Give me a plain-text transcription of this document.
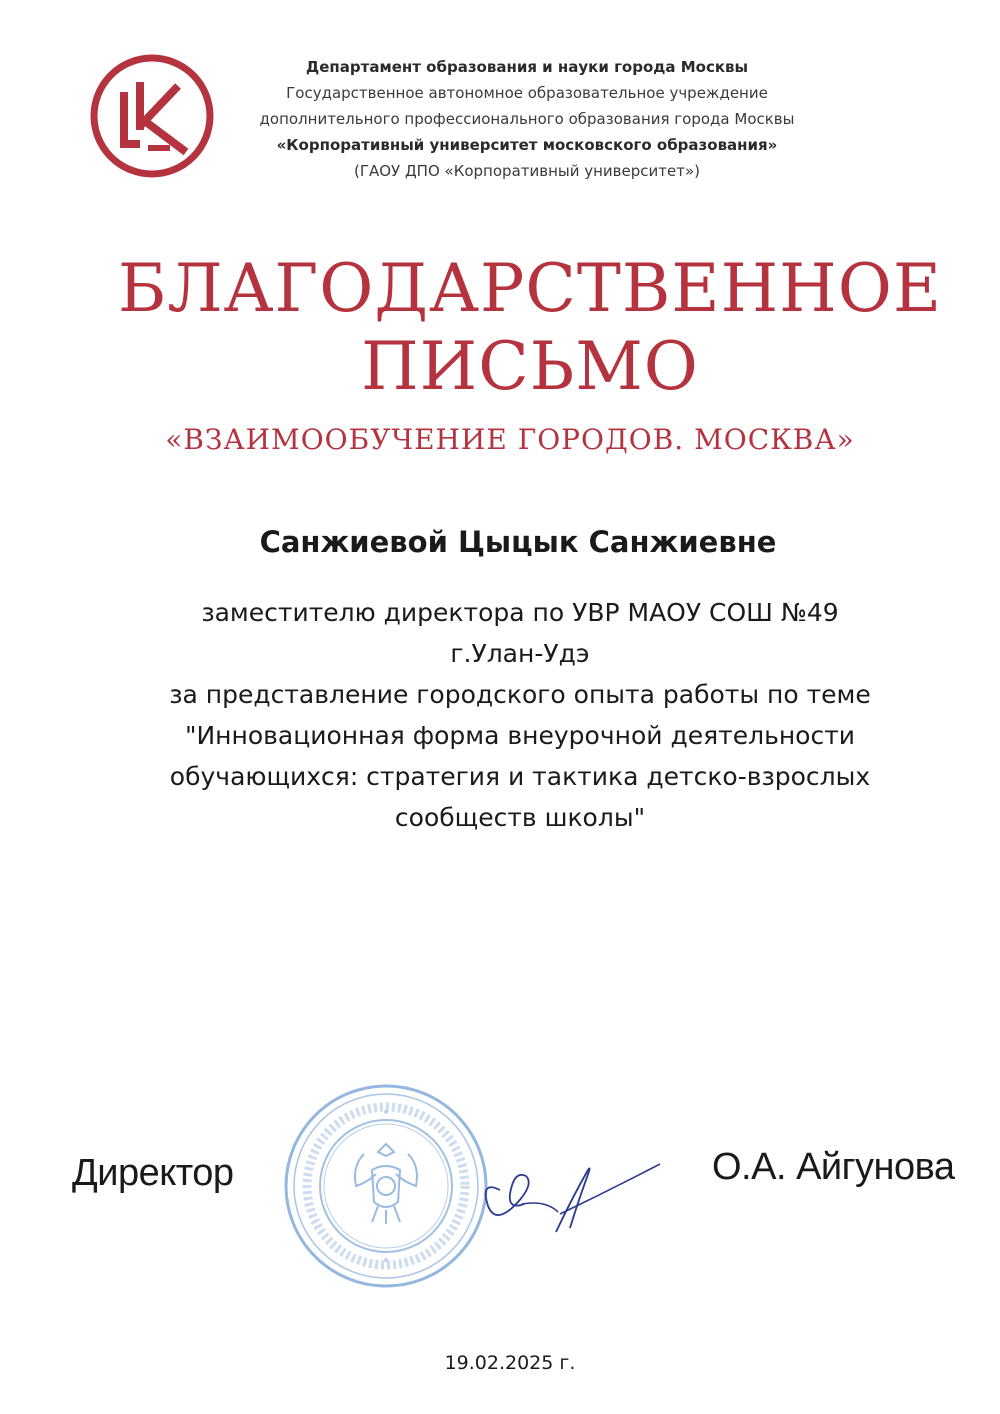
Департамент образования и науки города Москвы
Государственное автономное образовательное учреждение
дополнительного профессионального образования города Москвы
«Корпоративный университет московского образования»
(ГАОУ ДПО «Корпоративный университет»)
БЛАГОДАРСТВЕННОЕ
ПИСЬМО
«ВЗАИМООБУЧЕНИЕ ГОРОДОВ. МОСКВА»
Санжиевой Цыцык Санжиевне
заместителю директора по УВР МАОУ СОШ №49
г.Улан-Удэ
за представление городского опыта работы по теме
"Инновационная форма внеурочной деятельности
обучающихся: стратегия и тактика детско-взрослых
сообществ школы"
Директор	О.А. Айгунова
19.02.2025 г.
